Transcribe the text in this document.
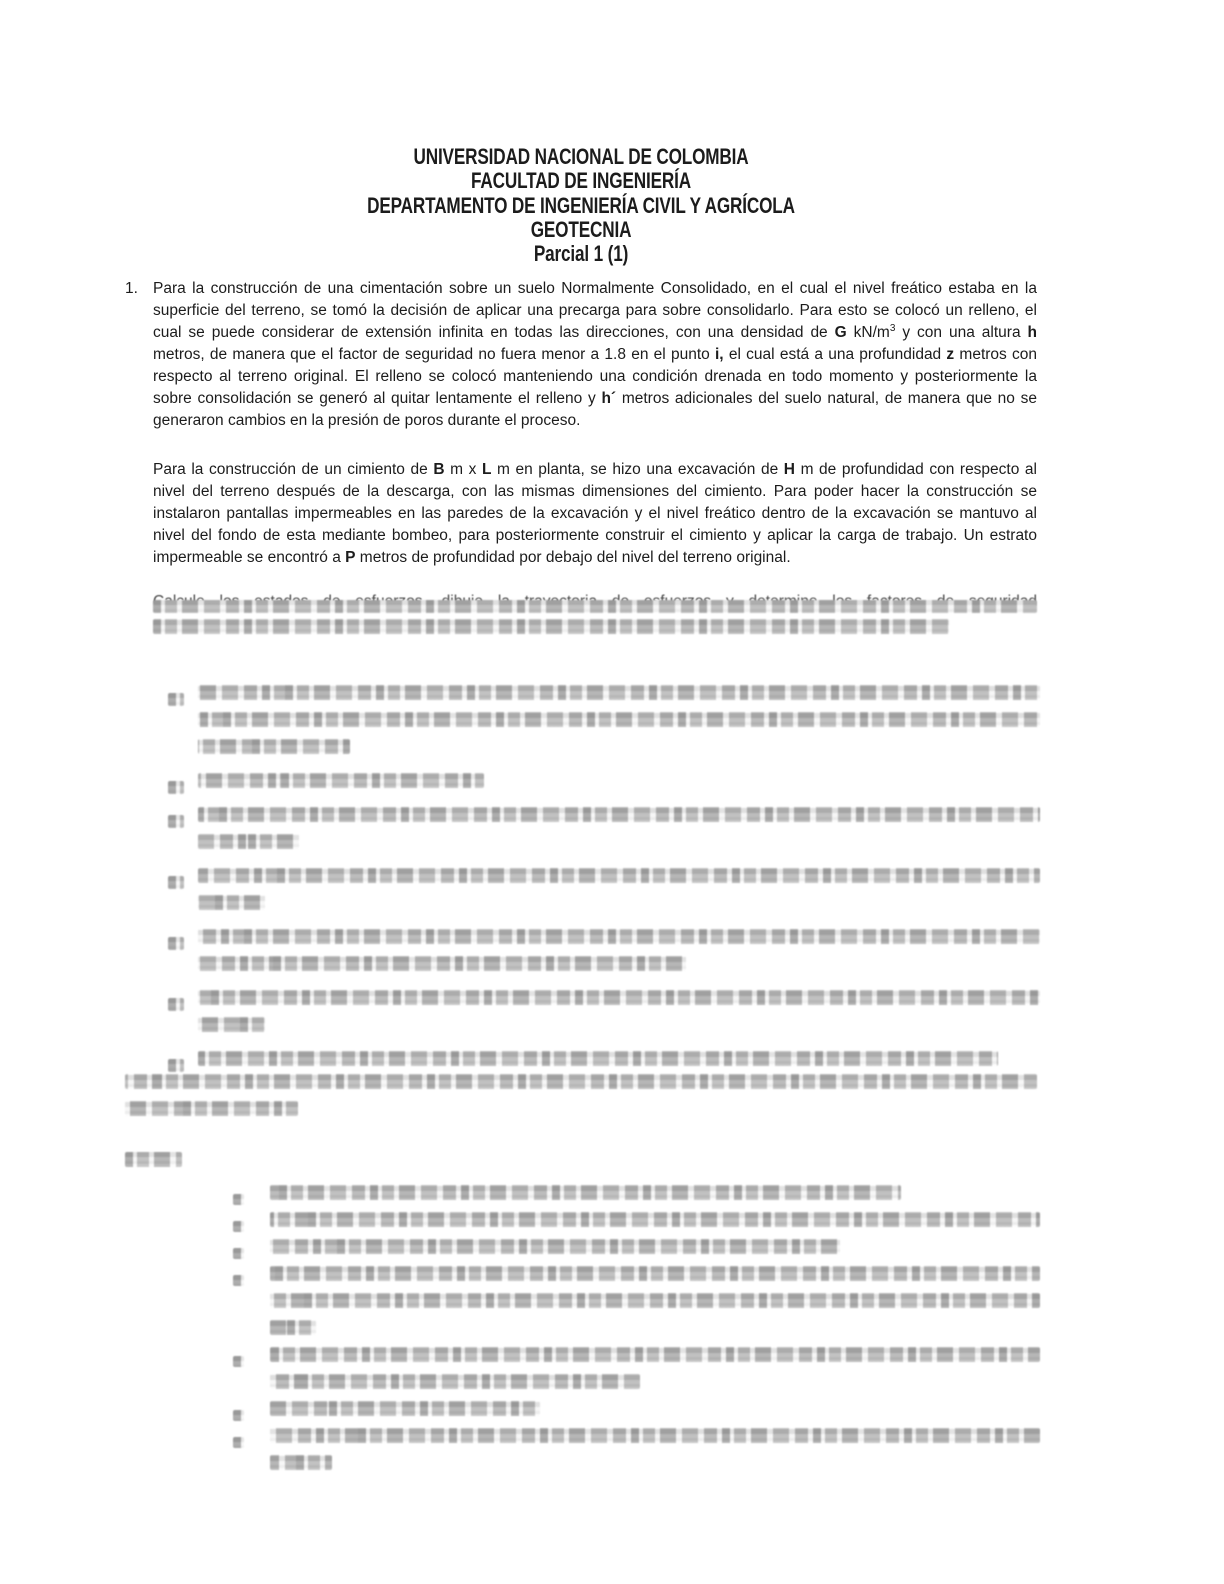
UNIVERSIDAD NACIONAL DE COLOMBIA
FACULTAD DE INGENIERÍA
DEPARTAMENTO DE INGENIERÍA CIVIL Y AGRÍCOLA
GEOTECNIA
Parcial 1 (1)
1. Para la construcción de una cimentación sobre un suelo Normalmente Consolidado, en el cual el nivel freático estaba en la superficie del terreno, se tomó la decisión de aplicar una precarga para sobre consolidarlo. Para esto se colocó un relleno, el cual se puede considerar de extensión infinita en todas las direcciones, con una densidad de G $kN/m^3$ y con una altura h metros, de manera que el factor de seguridad no fuera menor a 1.8 en el punto i, el cual está a una profundidad z metros con respecto al terreno original. El relleno se colocó manteniendo una condición drenada en todo momento y posteriormente la sobre consolidación se generó al quitar lentamente el relleno y h´ metros adicionales del suelo natural, de manera que no se generaron cambios en la presión de poros durante el proceso.
Para la construcción de un cimiento de B m x L m en planta, se hizo una excavación de H m de profundidad con respecto al nivel del terreno después de la descarga, con las mismas dimensiones del cimiento. Para poder hacer la construcción se instalaron pantallas impermeables en las paredes de la excavación y el nivel freático dentro de la excavación se mantuvo al nivel del fondo de esta mediante bombeo, para posteriormente construir el cimiento y aplicar la carga de trabajo. Un estrato impermeable se encontró a P metros de profundidad por debajo del nivel del terreno original.
